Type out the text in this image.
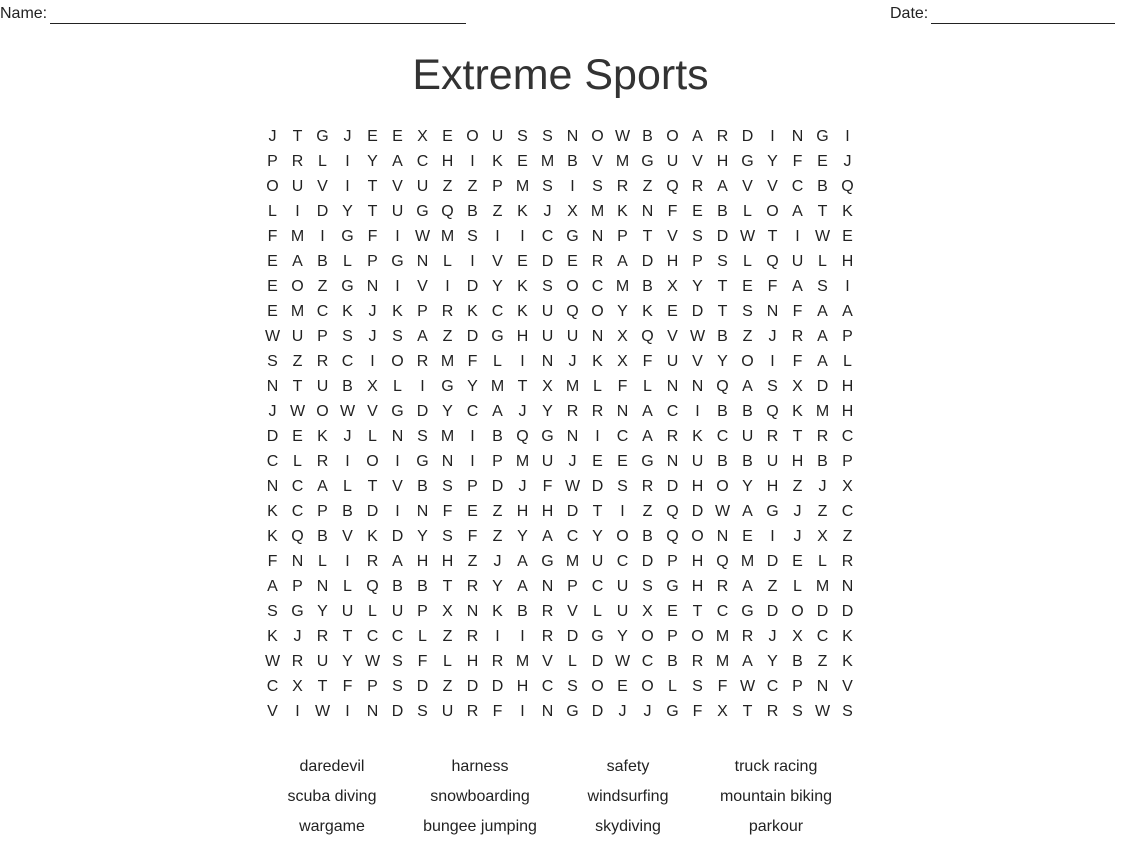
Name:	Date:
Extreme Sports
J	T G J E E X E O U S S N O W B O A R D	I	N G	I
P R L	I	Y A C H	I	K E M B V M G U V H G Y F E J
O U V	I	T V U Z Z P M S	I	S R Z Q R A V V C B Q
L	I	D Y T U G Q B Z K J X M K N F E B L O A T K
F M	I	G F	I W M S	I	I	C G N P T V S D W T	I W E
E A B L P G N L	I	V E D E R A D H P S L Q U L H
E O Z G N	I	V	I	D Y K S O C M B X Y T E F A S	I
E M C K J K P R K C K U Q O Y K E D T S N F A A
W U P S J S A Z D G H U U N X Q V W B Z	J R A P
S Z R C	I	O R M F L	I	N J K X F U V Y O	I	F A L
N T U B X L	I	G Y M T X M L F L N N Q A S X D H
J W O W V G D Y C A J Y R R N A C	I	B B Q K M H
D E K J	L N S M	I	B Q G N	I	C A R K C U R T R C
C L R	I	O	I	G N	I	P M U J E E G N U B B U H B P
N C A L T V B S P D J	F W D S R D H O Y H Z	J X
K C P B D	I	N F E Z H H D T	I	Z Q D W A G J	Z C
K Q B V K D Y S F Z Y A C Y O B Q O N E	I	J X Z
F N L	I	R A H H Z	J A G M U C D P H Q M D E L R
A P N L Q B B T R Y A N P C U S G H R A Z L M N
S G Y U L U P X N K B R V L U X E T C G D O D D
K J R T C C L Z R	I	I	R D G Y O P O M R J X C K
W R U Y W S F L H R M V L D W C B R M A Y B Z K
C X T F P S D Z D D H C S O E O L S F W C P N V
V	I W I	N D S U R F	I	N G D J	J G F X T R S W S
daredevil	harness	safety	truck racing
scuba diving	snowboarding	windsurfing	mountain biking
wargame	bungee jumping	skydiving	parkour
